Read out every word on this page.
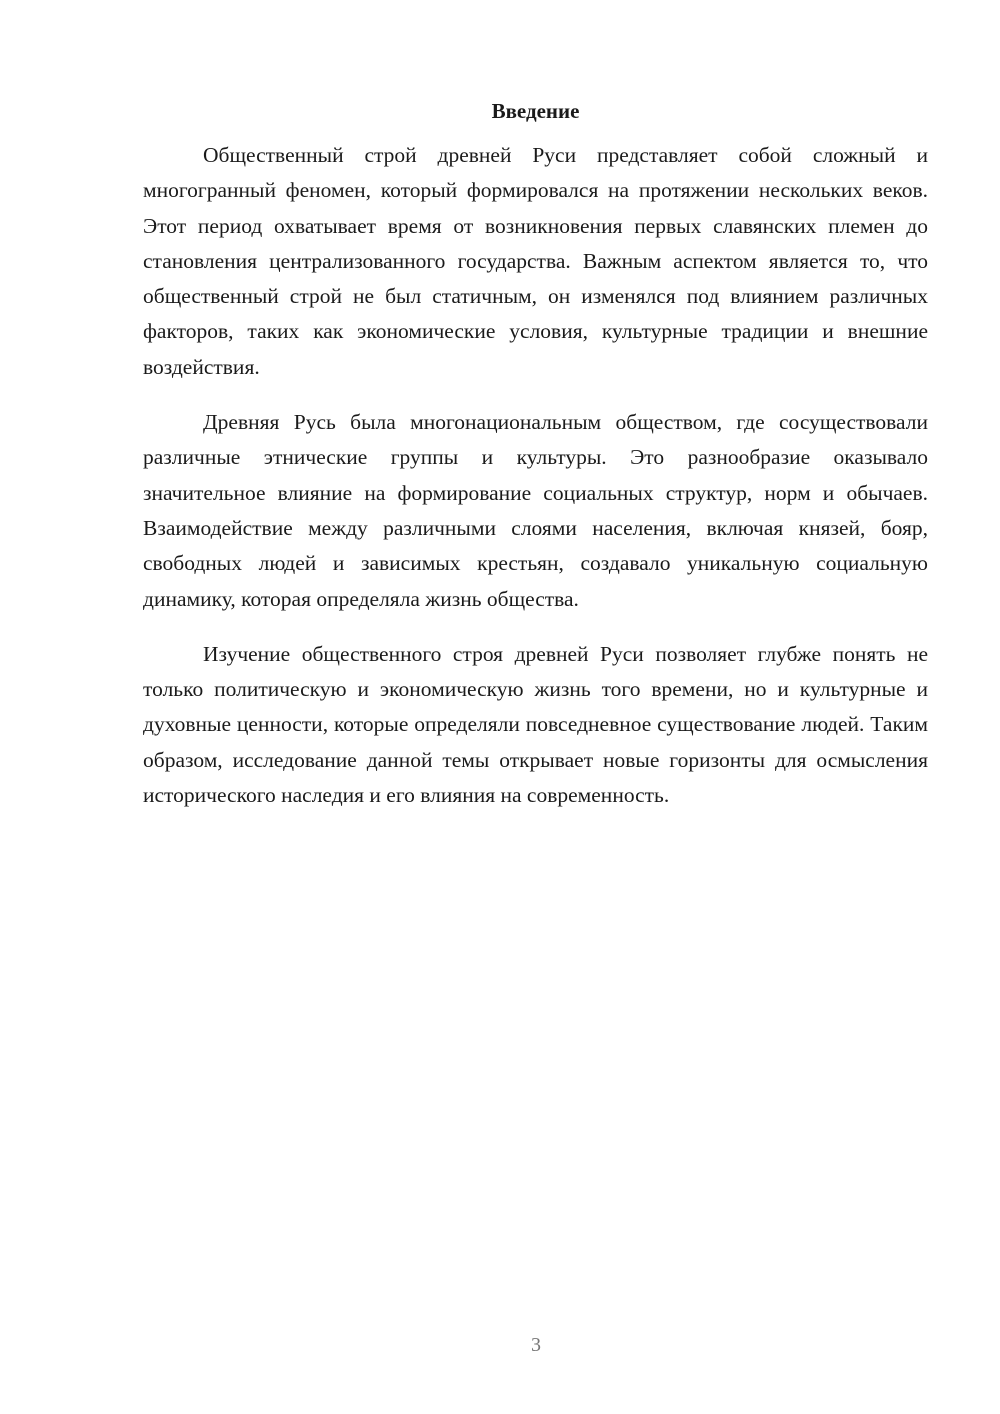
Введение

Общественный строй древней Руси представляет собой сложный и многогранный феномен, который формировался на протяжении нескольких веков. Этот период охватывает время от возникновения первых славянских племен до становления централизованного государства. Важным аспектом является то, что общественный строй не был статичным, он изменялся под влиянием различных факторов, таких как экономические условия, культурные традиции и внешние воздействия.

Древняя Русь была многонациональным обществом, где сосуществовали различные этнические группы и культуры. Это разнообразие оказывало значительное влияние на формирование социальных структур, норм и обычаев. Взаимодействие между различными слоями населения, включая князей, бояр, свободных людей и зависимых крестьян, создавало уникальную социальную динамику, которая определяла жизнь общества.

Изучение общественного строя древней Руси позволяет глубже понять не только политическую и экономическую жизнь того времени, но и культурные и духовные ценности, которые определяли повседневное существование людей. Таким образом, исследование данной темы открывает новые горизонты для осмысления исторического наследия и его влияния на современность.

3
